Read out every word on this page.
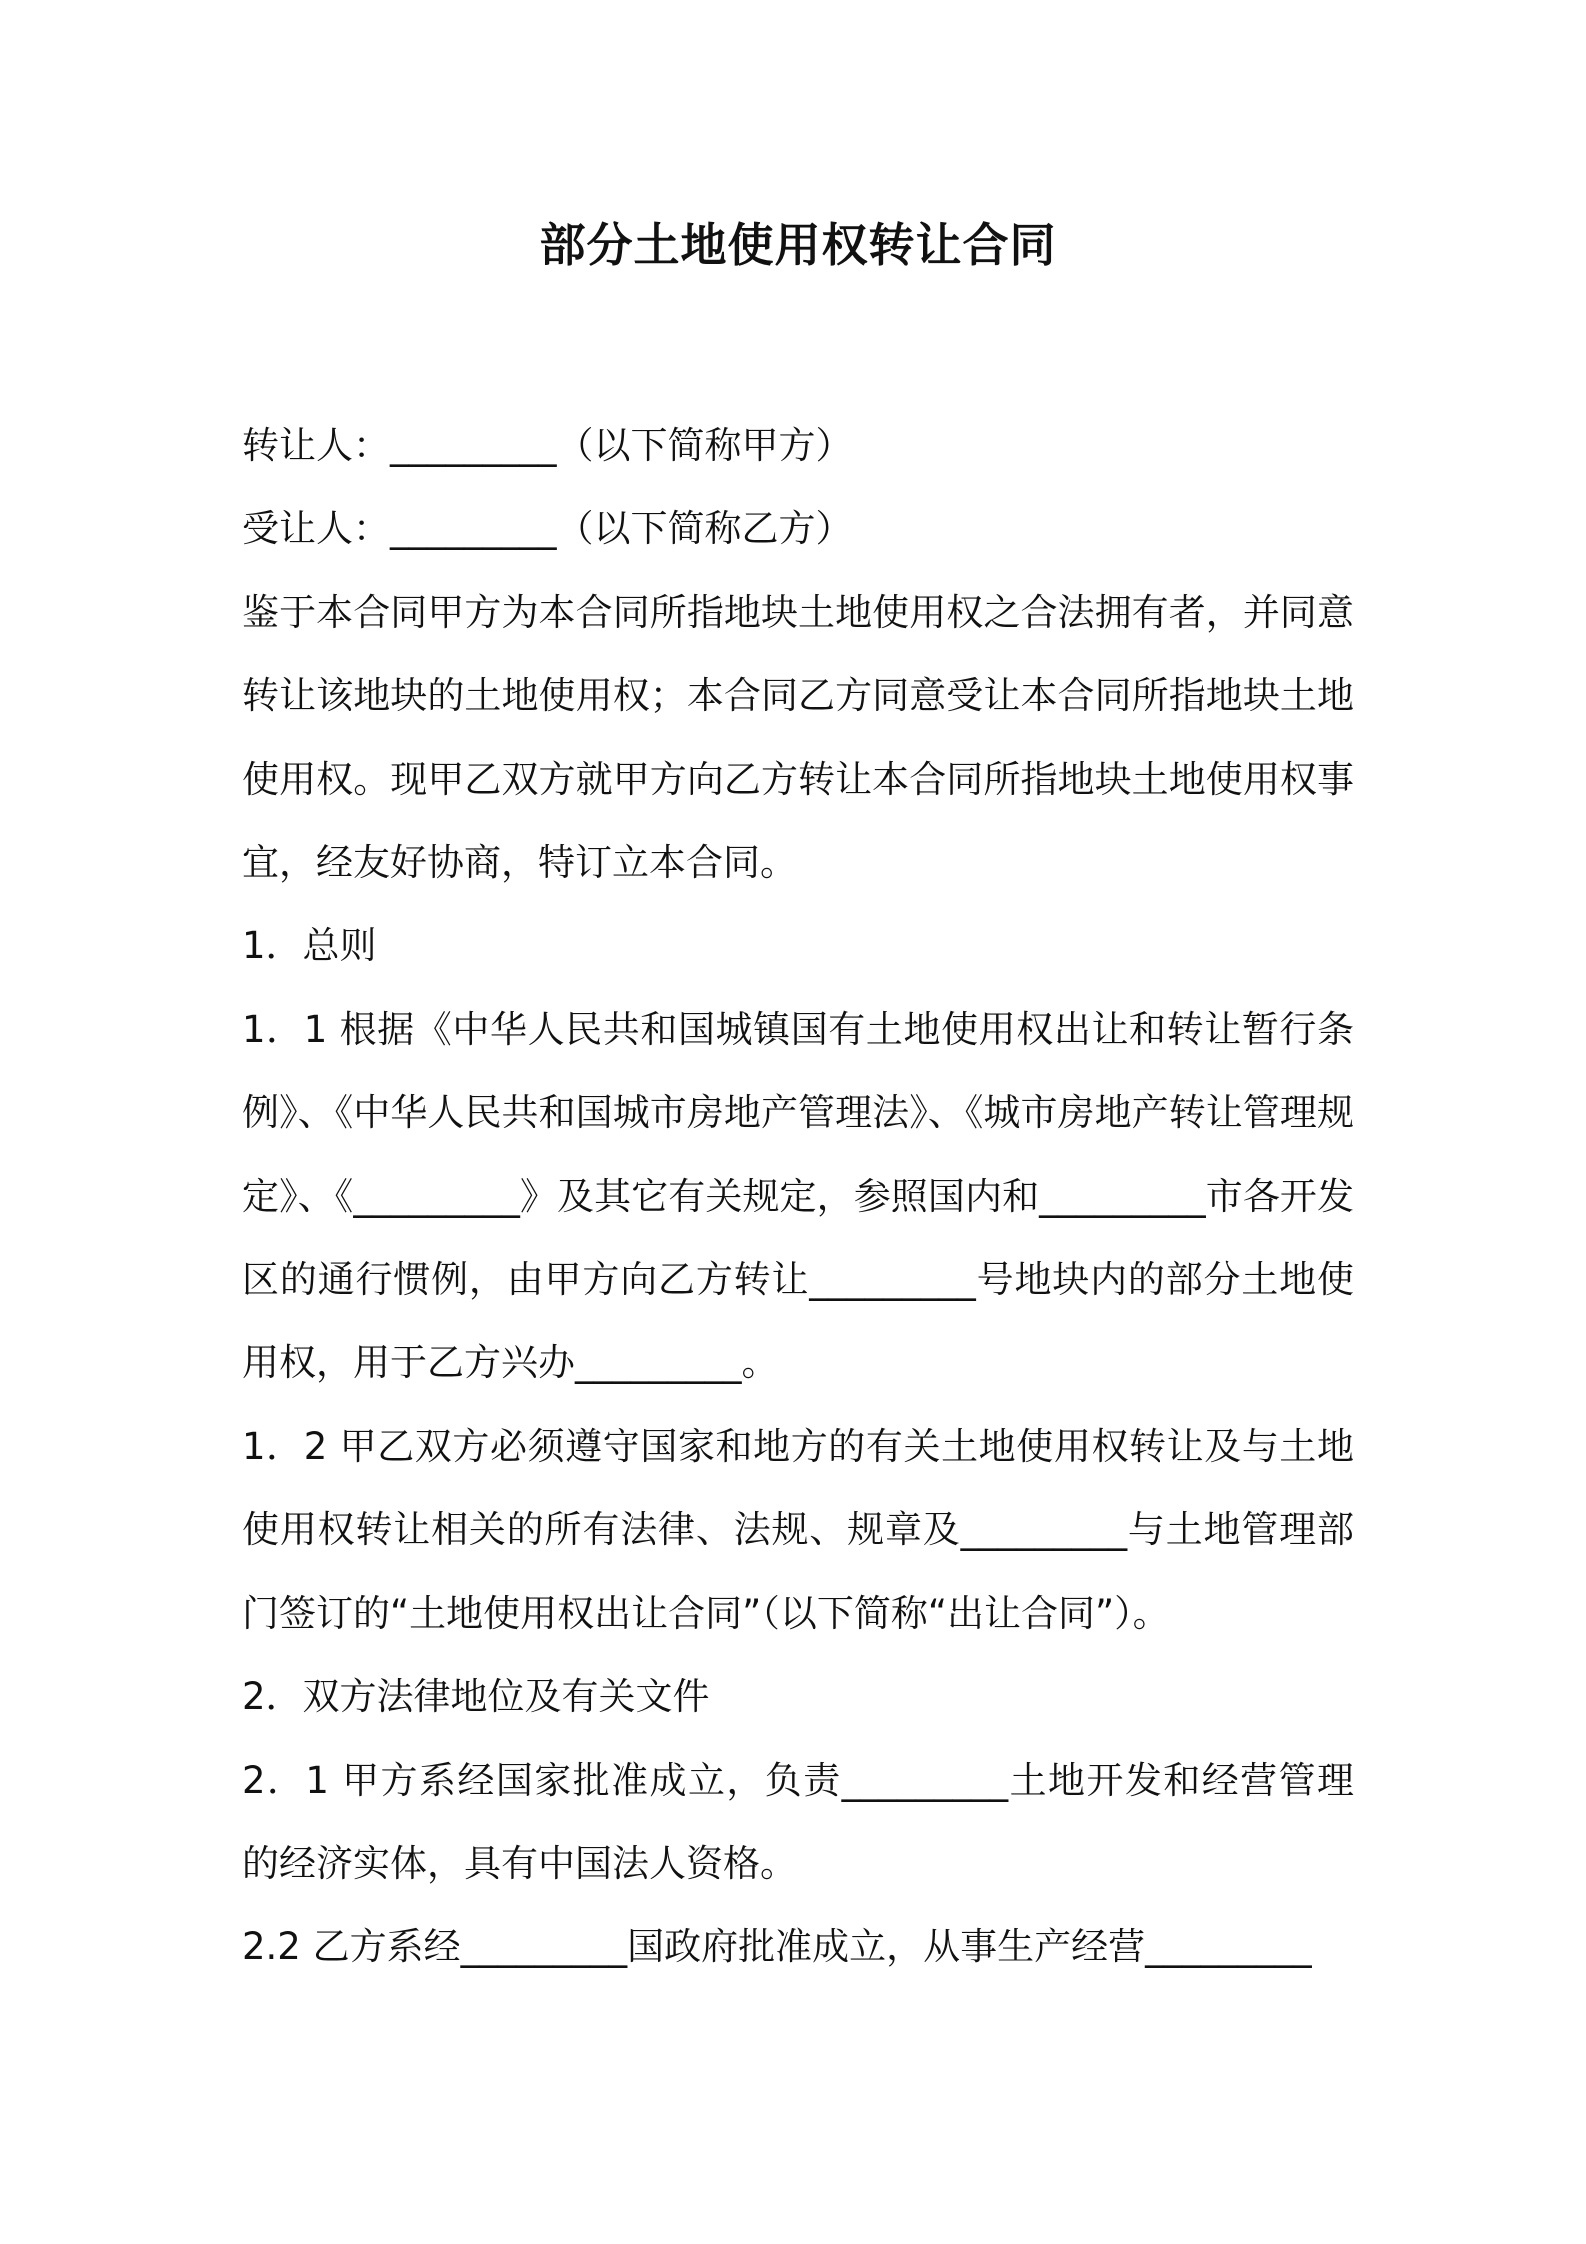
部分土地使用权转让合同

转让人：_________（以下简称甲方）

受让人：_________（以下简称乙方）

鉴于本合同甲方为本合同所指地块土地使用权之合法拥有者，并同意转让该地块的土地使用权；本合同乙方同意受让本合同所指地块土地使用权。现甲乙双方就甲方向乙方转让本合同所指地块土地使用权事宜，经友好协商，特订立本合同。

1．总则

1．1 根据《中华人民共和国城镇国有土地使用权出让和转让暂行条例》、《中华人民共和国城市房地产管理法》、《城市房地产转让管理规定》、《_________》及其它有关规定，参照国内和_________市各开发区的通行惯例，由甲方向乙方转让_________号地块内的部分土地使用权，用于乙方兴办_________。

1．2 甲乙双方必须遵守国家和地方的有关土地使用权转让及与土地使用权转让相关的所有法律、法规、规章及_________与土地管理部门签订的“土地使用权出让合同”（以下简称“出让合同”）。

2．双方法律地位及有关文件

2．1 甲方系经国家批准成立，负责_________土地开发和经营管理的经济实体，具有中国法人资格。

2.2 乙方系经_________国政府批准成立，从事生产经营_________
